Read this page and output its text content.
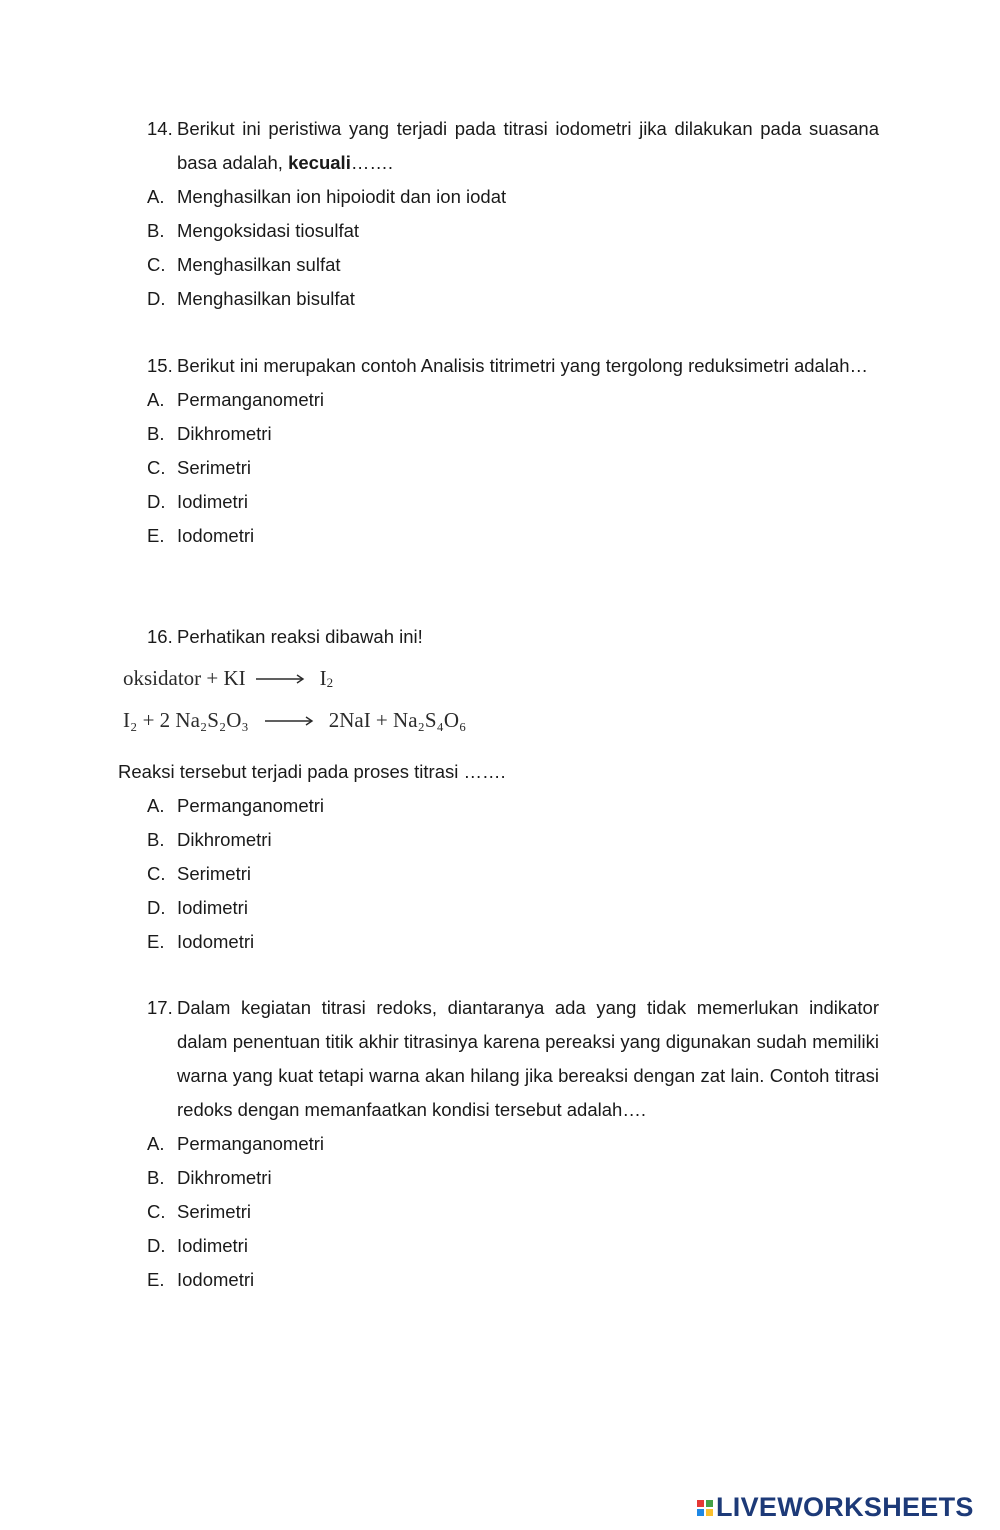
14. Berikut ini peristiwa yang terjadi pada titrasi iodometri jika dilakukan pada suasana basa adalah, kecuali…….
A. Menghasilkan ion hipoiodit dan ion iodat
B. Mengoksidasi tiosulfat
C. Menghasilkan sulfat
D. Menghasilkan bisulfat
15. Berikut ini merupakan contoh Analisis titrimetri yang tergolong reduksimetri adalah…
A. Permanganometri
B. Dikhrometri
C. Serimetri
D. Iodimetri
E. Iodometri
16. Perhatikan reaksi dibawah ini!
oksidator + KI → $I_2$
I₂ + 2 Na₂S₂O₃ → 2NaI + Na₂S₄O₆
Reaksi tersebut terjadi pada proses titrasi …….
A. Permanganometri
B. Dikhrometri
C. Serimetri
D. Iodimetri
E. Iodometri
17. Dalam kegiatan titrasi redoks, diantaranya ada yang tidak memerlukan indikator dalam penentuan titik akhir titrasinya karena pereaksi yang digunakan sudah memiliki warna yang kuat tetapi warna akan hilang jika bereaksi dengan zat lain. Contoh titrasi redoks dengan memanfaatkan kondisi tersebut adalah….
A. Permanganometri
B. Dikhrometri
C. Serimetri
D. Iodimetri
E. Iodometri
LIVEWORKSHEETS
